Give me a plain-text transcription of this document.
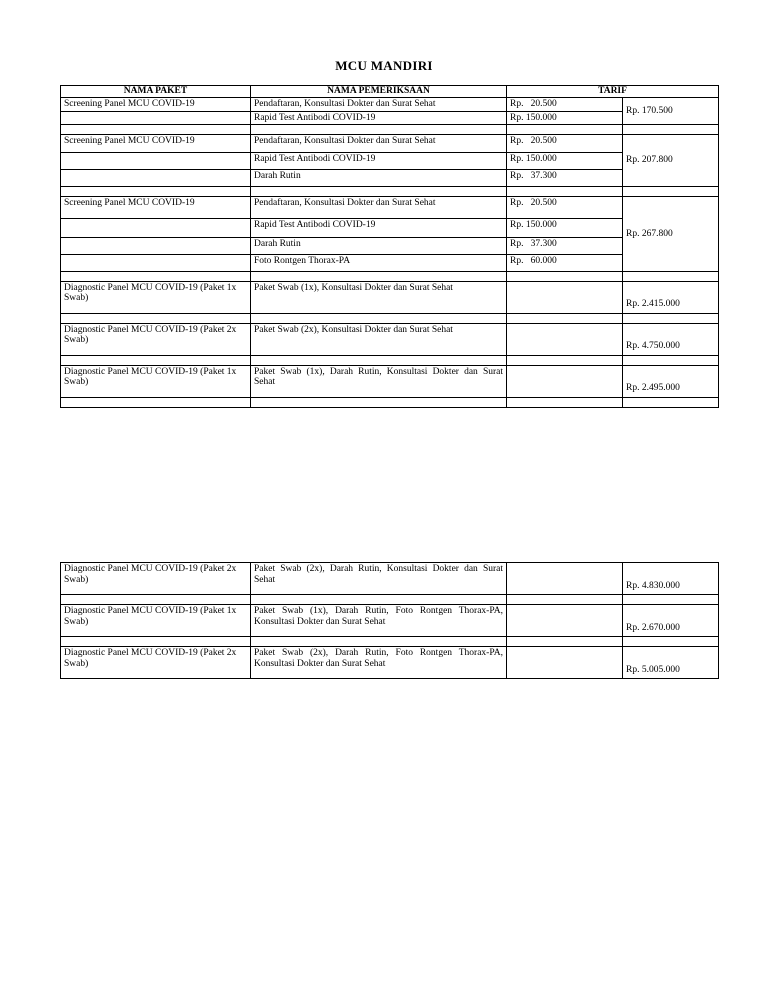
MCU MANDIRI
NAMA PAKET	NAMA PEMERIKSAAN	TARIF	
Screening Panel MCU COVID-19	Pendaftaran, Konsultasi Dokter dan Surat Sehat	Rp.   20.500	Rp. 170.500
	Rapid Test Antibodi COVID-19	Rp. 150.000	

Screening Panel MCU COVID-19	Pendaftaran, Konsultasi Dokter dan Surat Sehat	Rp.   20.500	Rp. 207.800
	Rapid Test Antibodi COVID-19	Rp. 150.000	
	Darah Rutin	Rp.   37.300	

Screening Panel MCU COVID-19	Pendaftaran, Konsultasi Dokter dan Surat Sehat	Rp.   20.500	Rp. 267.800
	Rapid Test Antibodi COVID-19	Rp. 150.000	
	Darah Rutin	Rp.   37.300	
	Foto Rontgen Thorax-PA	Rp.   60.000	

Diagnostic Panel MCU COVID-19 (Paket 1x Swab)	Paket Swab (1x), Konsultasi Dokter dan Surat Sehat		Rp. 2.415.000

Diagnostic Panel MCU COVID-19 (Paket 2x Swab)	Paket Swab (2x), Konsultasi Dokter dan Surat Sehat		Rp. 4.750.000

Diagnostic Panel MCU COVID-19 (Paket 1x Swab)	Paket Swab (1x), Darah Rutin, Konsultasi Dokter dan Surat Sehat		Rp. 2.495.000

Diagnostic Panel MCU COVID-19 (Paket 2x Swab)	Paket Swab (2x), Darah Rutin, Konsultasi Dokter dan Surat Sehat		Rp. 4.830.000

Diagnostic Panel MCU COVID-19 (Paket 1x Swab)	Paket Swab (1x), Darah Rutin, Foto Rontgen Thorax-PA, Konsultasi Dokter dan Surat Sehat		Rp. 2.670.000

Diagnostic Panel MCU COVID-19 (Paket 2x Swab)	Paket Swab (2x), Darah Rutin, Foto Rontgen Thorax-PA, Konsultasi Dokter dan Surat Sehat		Rp. 5.005.000
